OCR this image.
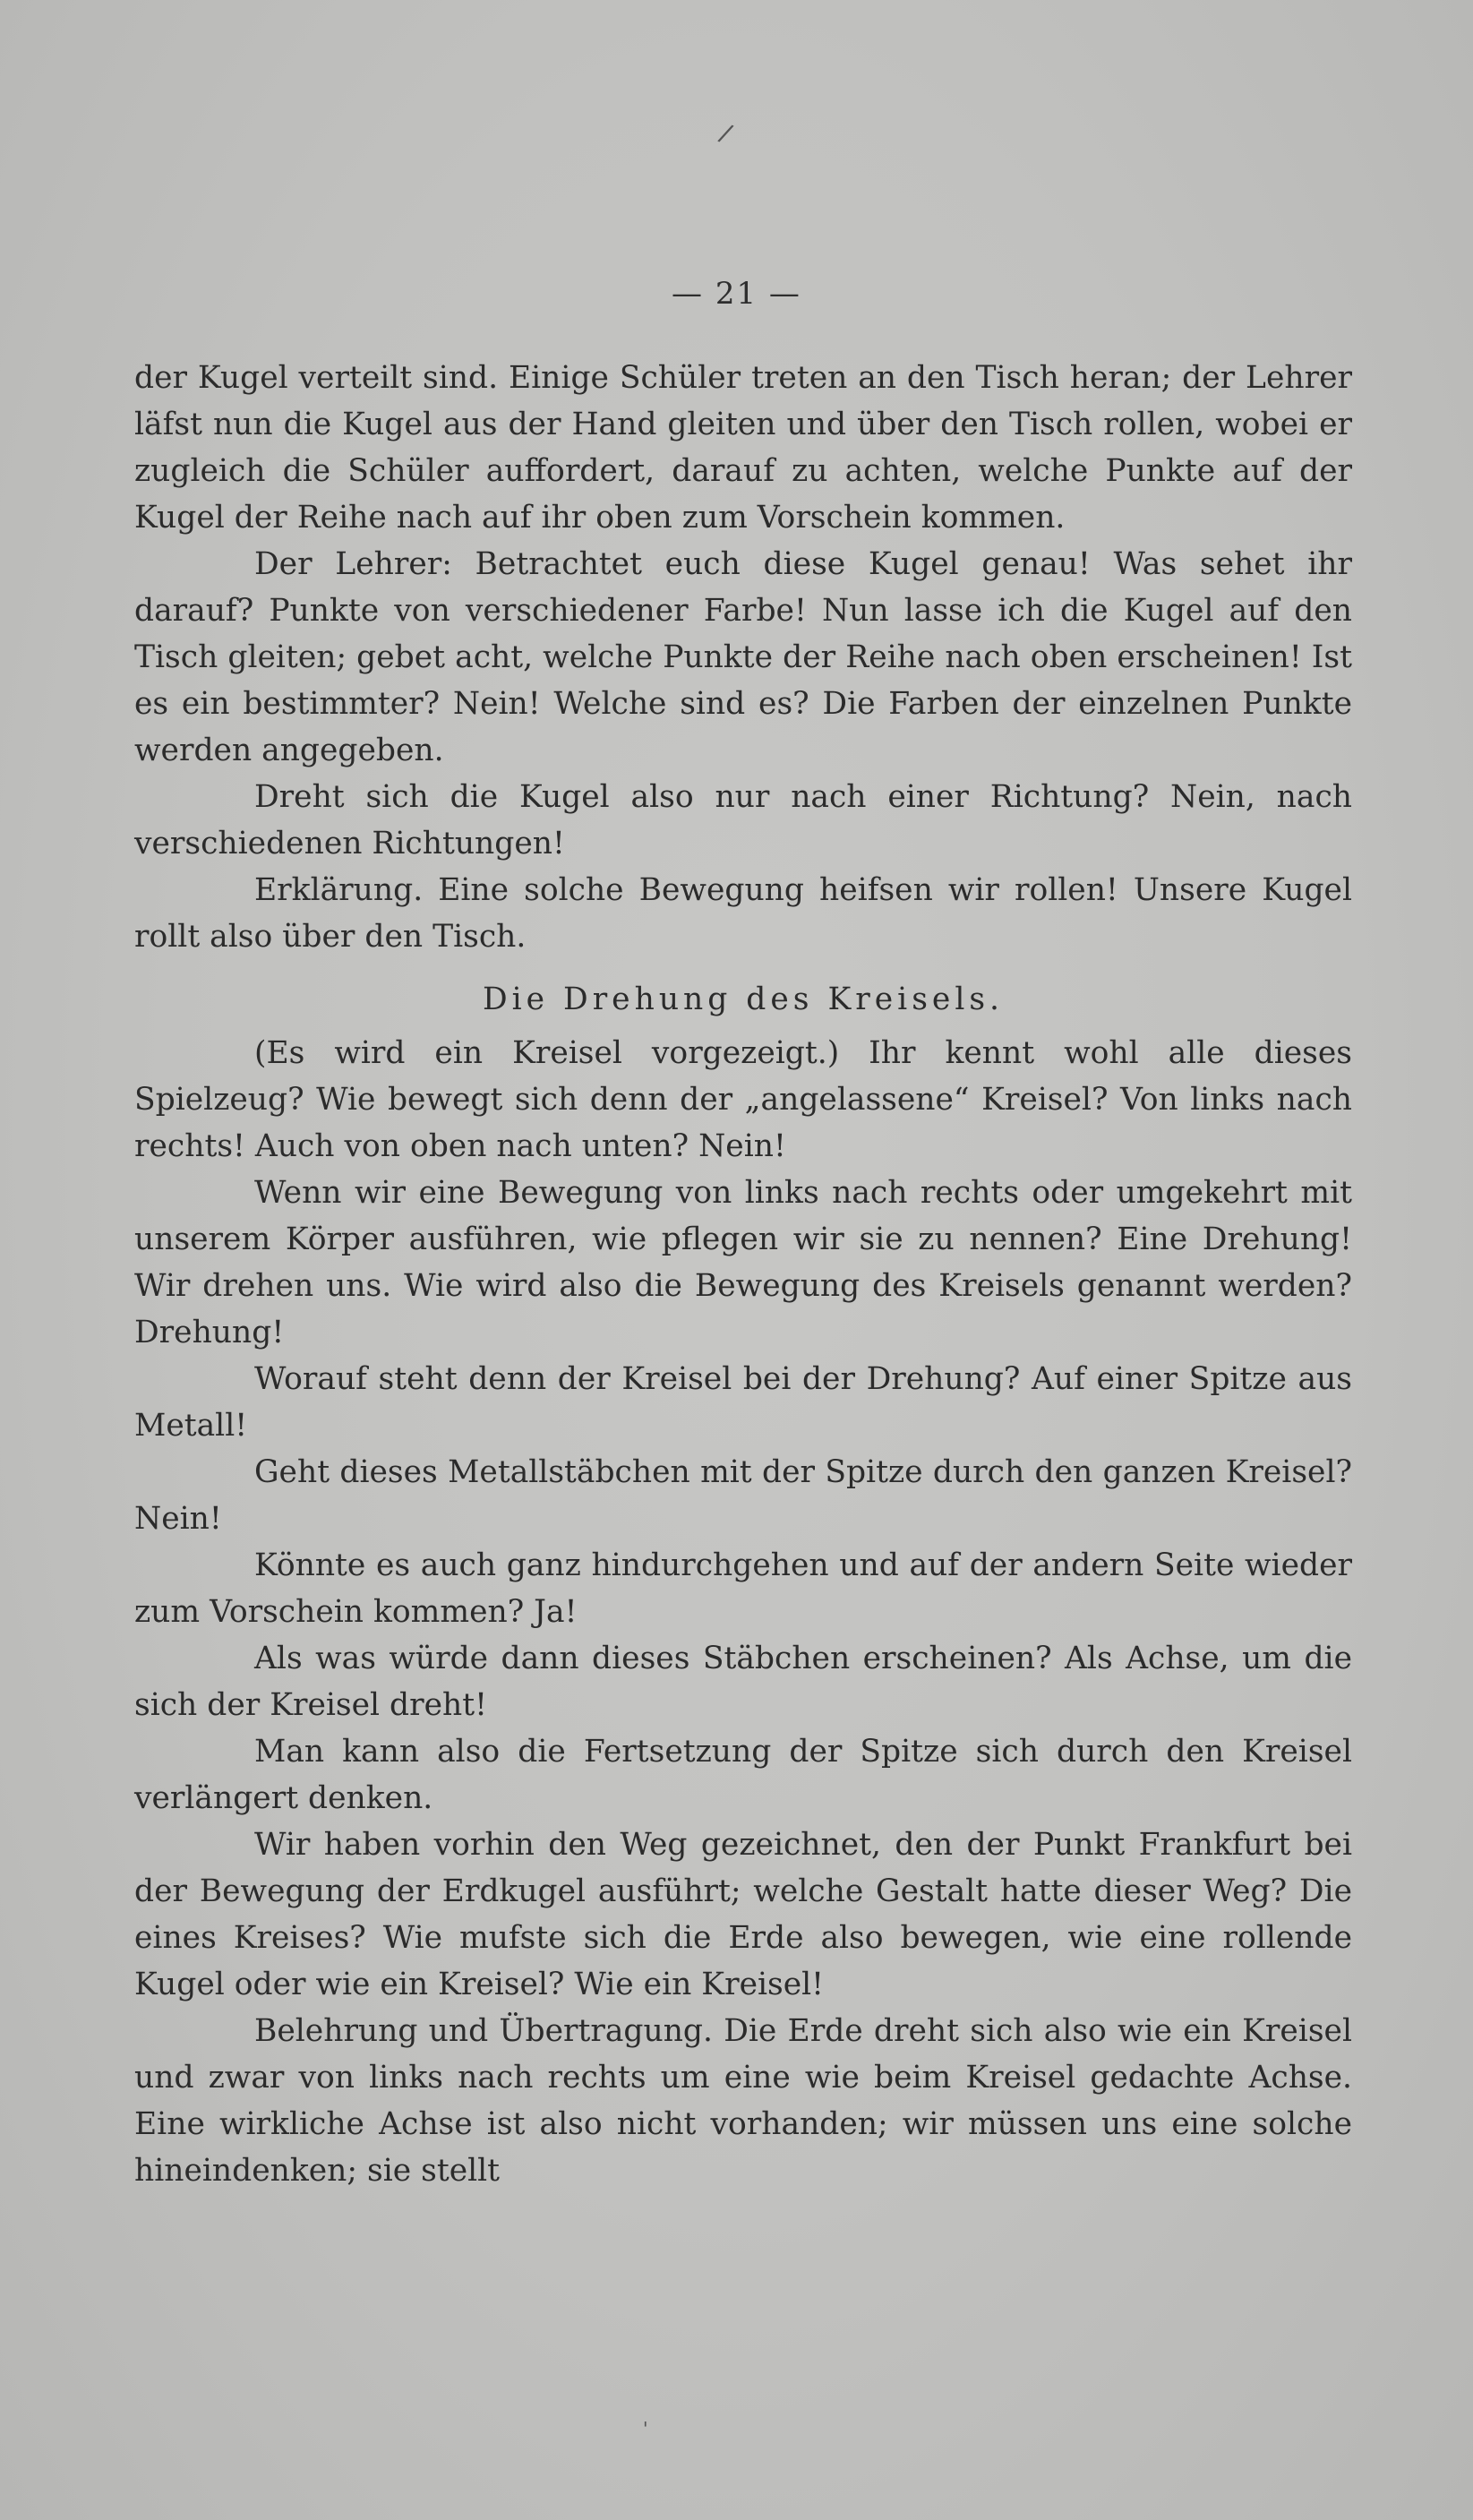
/
— 21 —

der Kugel verteilt sind. Einige Schüler treten an den Tisch heran; der Lehrer läfst nun die Kugel aus der Hand gleiten und über den Tisch rollen, wobei er zugleich die Schüler auffordert, darauf zu achten, welche Punkte auf der Kugel der Reihe nach auf ihr oben zum Vorschein kommen.

Der Lehrer: Betrachtet euch diese Kugel genau! Was sehet ihr darauf? Punkte von verschiedener Farbe! Nun lasse ich die Kugel auf den Tisch gleiten; gebet acht, welche Punkte der Reihe nach oben erscheinen! Ist es ein bestimmter? Nein! Welche sind es? Die Farben der einzelnen Punkte werden angegeben.

Dreht sich die Kugel also nur nach einer Richtung? Nein, nach verschiedenen Richtungen!

Erklärung. Eine solche Bewegung heifsen wir rollen! Unsere Kugel rollt also über den Tisch.

Die Drehung des Kreisels.

(Es wird ein Kreisel vorgezeigt.) Ihr kennt wohl alle dieses Spielzeug? Wie bewegt sich denn der „angelassene“ Kreisel? Von links nach rechts! Auch von oben nach unten? Nein!

Wenn wir eine Bewegung von links nach rechts oder umgekehrt mit unserem Körper ausführen, wie pflegen wir sie zu nennen? Eine Drehung! Wir drehen uns. Wie wird also die Bewegung des Kreisels genannt werden? Drehung!

Worauf steht denn der Kreisel bei der Drehung? Auf einer Spitze aus Metall!

Geht dieses Metallstäbchen mit der Spitze durch den ganzen Kreisel? Nein!

Könnte es auch ganz hindurchgehen und auf der andern Seite wieder zum Vorschein kommen? Ja!

Als was würde dann dieses Stäbchen erscheinen? Als Achse, um die sich der Kreisel dreht!

Man kann also die Fertsetzung der Spitze sich durch den Kreisel verlängert denken.

Wir haben vorhin den Weg gezeichnet, den der Punkt Frankfurt bei der Bewegung der Erdkugel ausführt; welche Gestalt hatte dieser Weg? Die eines Kreises? Wie mufste sich die Erde also bewegen, wie eine rollende Kugel oder wie ein Kreisel? Wie ein Kreisel!

Belehrung und Übertragung. Die Erde dreht sich also wie ein Kreisel und zwar von links nach rechts um eine wie beim Kreisel gedachte Achse. Eine wirkliche Achse ist also nicht vorhanden; wir müssen uns eine solche hineindenken; sie stellt

'
